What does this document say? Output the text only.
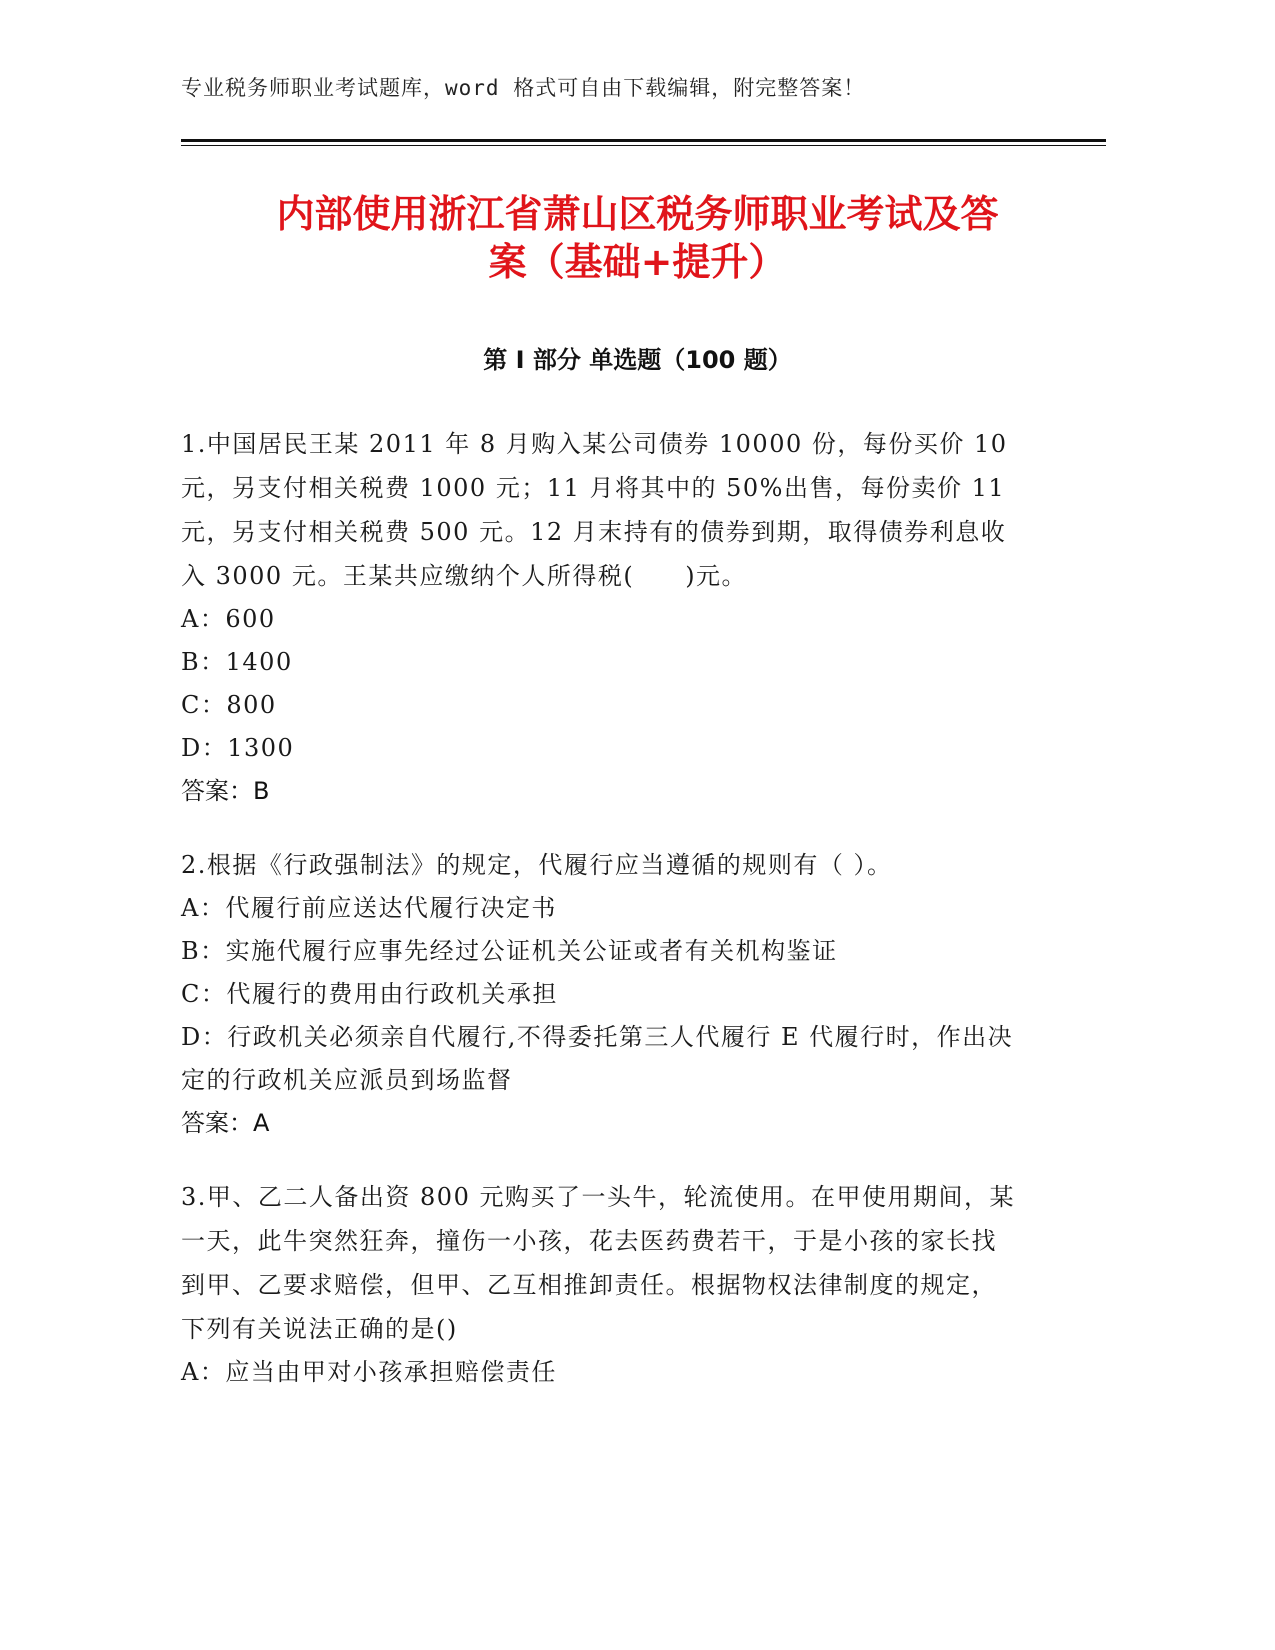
专业税务师职业考试题库，word 格式可自由下载编辑，附完整答案！
内部使用浙江省萧山区税务师职业考试及答
案（基础+提升）
第 I 部分 单选题（100 题）

1.中国居民王某 2011 年 8 月购入某公司债券 10000 份，每份买价 10 元，另支付相关税费 1000 元；11 月将其中的 50%出售，每份卖价 11 元，另支付相关税费 500 元。12 月末持有的债券到期，取得债券利息收入 3000 元。王某共应缴纳个人所得税(　　)元。

A：600

B：1400

C：800

D：1300

答案：B

2.根据《行政强制法》的规定，代履行应当遵循的规则有（ ）。

A：代履行前应送达代履行决定书

B：实施代履行应事先经过公证机关公证或者有关机构鉴证

C：代履行的费用由行政机关承担

D：行政机关必须亲自代履行,不得委托第三人代履行 E 代履行时，作出决定的行政机关应派员到场监督

答案：A

3.甲、乙二人备出资 800 元购买了一头牛，轮流使用。在甲使用期间，某一天，此牛突然狂奔，撞伤一小孩，花去医药费若干，于是小孩的家长找到甲、乙要求赔偿，但甲、乙互相推卸责任。根据物权法律制度的规定，下列有关说法正确的是()

A：应当由甲对小孩承担赔偿责任
